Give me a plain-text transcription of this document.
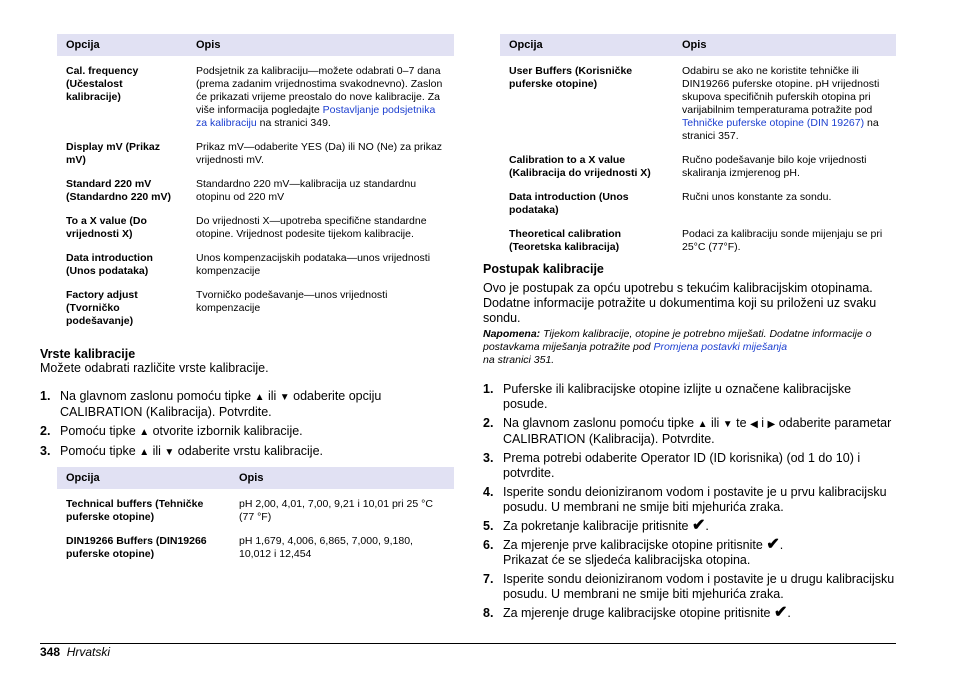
Opcija	Opis
Cal. frequency (Učestalost kalibracije)	Podsjetnik za kalibraciju—možete odabrati 0–7 dana (prema zadanim vrijednostima svakodnevno). Zaslon će prikazati vrijeme preostalo do nove kalibracije. Za više informacija pogledajte Postavljanje podsjetnika za kalibraciju na stranici 349.
Display mV (Prikaz mV)	Prikaz mV—odaberite YES (Da) ili NO (Ne) za prikaz vrijednosti mV.
Standard 220 mV (Standardno 220 mV)	Standardno 220 mV—kalibracija uz standardnu otopinu od 220 mV
To a X value (Do vrijednosti X)	Do vrijednosti X—upotreba specifične standardne otopine. Vrijednost podesite tijekom kalibracije.
Data introduction (Unos podataka)	Unos kompenzacijskih podataka—unos vrijednosti kompenzacije
Factory adjust (Tvorničko podešavanje)	Tvorničko podešavanje—unos vrijednosti kompenzacije

Vrste kalibracije

Možete odabrati različite vrste kalibracije.

1. Na glavnom zaslonu pomoću tipke ▲ ili ▼ odaberite opciju CALIBRATION (Kalibracija). Potvrdite.
2. Pomoću tipke ▲ otvorite izbornik kalibracije.
3. Pomoću tipke ▲ ili ▼ odaberite vrstu kalibracije.
Opcija	Opis
Technical buffers (Tehničke puferske otopine)	pH 2,00, 4,01, 7,00, 9,21 i 10,01 pri 25 °C (77 °F)
DIN19266 Buffers (DIN19266 puferske otopine)	pH 1,679, 4,006, 6,865, 7,000, 9,180, 10,012 i 12,454
Opcija	Opis
User Buffers (Korisničke puferske otopine)	Odabiru se ako ne koristite tehničke ili DIN19266 puferske otopine. pH vrijednosti skupova specifičnih puferskih otopina pri varijabilnim temperaturama potražite pod Tehničke puferske otopine (DIN 19267) na stranici 357.
Calibration to a X value (Kalibracija do vrijednosti X)	Ručno podešavanje bilo koje vrijednosti skaliranja izmjerenog pH.
Data introduction (Unos podataka)	Ručni unos konstante za sondu.
Theoretical calibration (Teoretska kalibracija)	Podaci za kalibraciju sonde mijenjaju se pri 25°C (77°F).

Postupak kalibracije

Ovo je postupak za opću upotrebu s tekućim kalibracijskim otopinama. Dodatne informacije potražite u dokumentima koji su priloženi uz svaku sondu.

Napomena: Tijekom kalibracije, otopine je potrebno miješati. Dodatne informacije o postavkama miješanja potražite pod Promjena postavki miješanja
na stranici 351.

1. Puferske ili kalibracijske otopine izlijte u označene kalibracijske posude.
2. Na glavnom zaslonu pomoću tipke ▲ ili ▼ te ◀ i ▶ odaberite parametar CALIBRATION (Kalibracija). Potvrdite.
3. Prema potrebi odaberite Operator ID (ID korisnika) (od 1 do 10) i potvrdite.
4. Isperite sondu deioniziranom vodom i postavite je u prvu kalibracijsku posudu. U membrani ne smije biti mjehurića zraka.
5. Za pokretanje kalibracije pritisnite ✔.
6. Za mjerenje prve kalibracijske otopine pritisnite ✔.
Prikazat će se sljedeća kalibracijska otopina.
7. Isperite sondu deioniziranom vodom i postavite je u drugu kalibracijsku posudu. U membrani ne smije biti mjehurića zraka.
8. Za mjerenje druge kalibracijske otopine pritisnite ✔.
348 Hrvatski
